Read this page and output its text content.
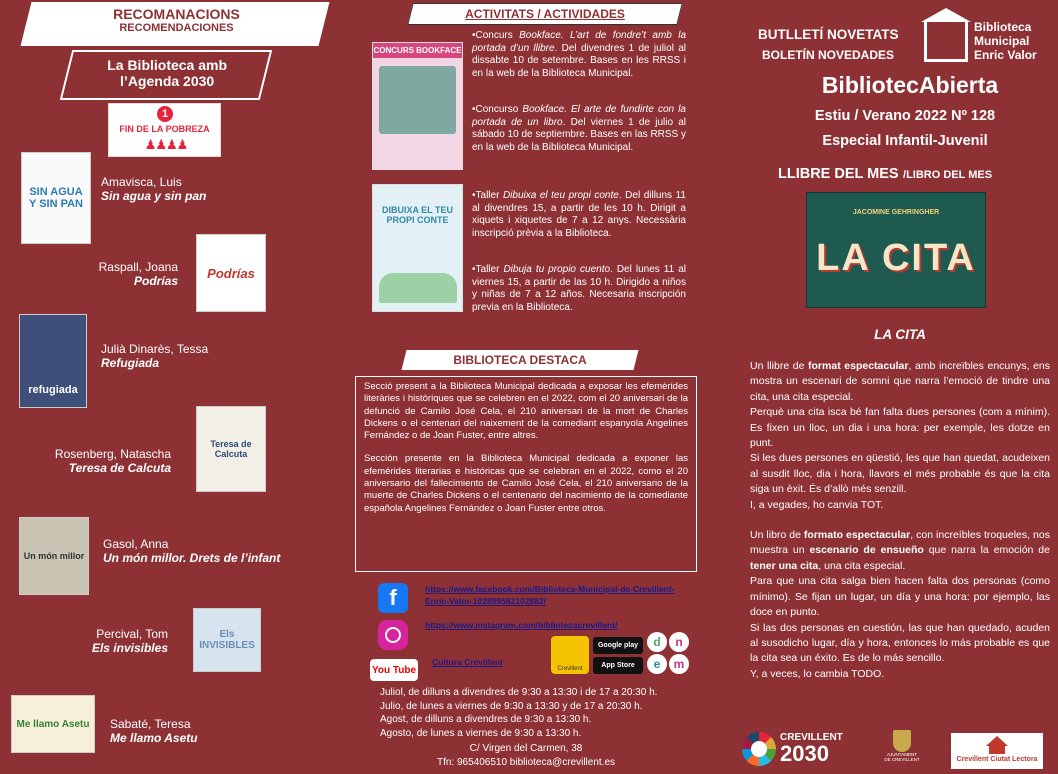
RECOMANACIONS
RECOMENDACIONES
La Biblioteca amb
l’Agenda 2030
1
FIN DE LA POBREZA
♟♟♟♟
SIN AGUA Y SIN PAN
Amavisca, Luis
Sin agua y sin pan
Podrías
Raspall, Joana
Podrías
refugiada
Julià Dinarès, Tessa
Refugiada
Teresa de Calcuta
Rosenberg, Natascha
Teresa de Calcuta
Un món millor
Gasol, Anna
Un món millor. Drets de l’infant
Els INVISIBLES
Percival, Tom
Els invisibles
Me llamo Asetu Sabaté, Teresa
Me llamo Asetu
ACTIVITATS / ACTIVIDADES
CONCURS BOOKFACE
•Concurs Bookface. L’art de fondre’t amb la portada d’un llibre. Del divendres 1 de juliol al dissabte 10 de setembre. Bases en les RRSS i en la web de la Biblioteca Municipal.
•Concurso Bookface. El arte de fundirte con la portada de un libro. Del viernes 1 de julio al sábado 10 de septiembre. Bases en las RRSS y en la web de la Biblioteca Municipal.
DIBUIXA EL TEU PROPI CONTE
•Taller Dibuixa el teu propi conte. Del dilluns 11 al divendres 15, a partir de les 10 h. Dirigit a xiquets i xiquetes de 7 a 12 anys. Necessària inscripció prèvia a la Biblioteca.
•Taller Dibuja tu propio cuento. Del lunes 11 al viernes 15, a partir de las 10 h. Dirigido a niños y niñas de 7 a 12 años. Necesaria inscripción previa en la Biblioteca.
BIBLIOTECA DESTACA
Secció present a la Biblioteca Municipal dedicada a exposar les efemèrides literàries i històriques que se celebren en el 2022, com el 20 aniversari de la defunció de Camilo José Cela, el 210 aniversari de la mort de Charles Dickens o el centenari del naixement de la comediant espanyola Angelines Fernández o de Joan Fuster, entre altres.
Sección presente en la Biblioteca Municipal dedicada a exponer las efemérides literarias e históricas que se celebran en el 2022, como el 20 aniversario del fallecimiento de Camilo José Cela, el 210 aniversario de la muerte de Charles Dickens o el centenario del nacimiento de la comediante española Angelines Fernández o Joan Fuster entre otros.
f	https://www.facebook.com/Biblioteca-Municipal-de-Crevillent-Enric-Valor-102899582102882/
https://www.instagram.com/bibliotecacrevillent/
You Tube
Cultura Crevillent
Crevillent
Google play
App Store
d	n
e	m
Juliol, de dilluns a divendres de 9:30 a 13:30 i de 17 a 20:30 h.
Julio, de lunes a viernes de 9:30 a 13:30 y de 17 a 20:30 h.
Agost, de dilluns a divendres de 9:30 a 13:30 h.
Agosto, de lunes a viernes de 9:30 a 13:30 h.
C/ Virgen del Carmen, 38
Tfn: 965406510 biblioteca@crevillent.es
BUTLLETÍ NOVETATS
BOLETÍN NOVEDADES
Biblioteca
Municipal
Enric Valor
BibliotecAbierta
Estiu / Verano 2022 Nº 128
Especial Infantil-Juvenil
LLIBRE DEL MES /LIBRO DEL MES
JACOMINE GEHRINGHER
LA CITA
LA CITA
Un llibre de format espectacular, amb increïbles encunys, ens mostra un escenari de somni que narra l’emoció de tindre una cita, una cita especial.
Perquè una cita isca bé fan falta dues persones (com a mínim). Es fixen un lloc, un dia i una hora: per exemple, les dotze en punt.
Si les dues persones en qüestió, les que han quedat, acudeixen al susdit lloc, dia i hora, llavors el més probable és que la cita siga un èxit. És d’allò més senzill.
I, a vegades, ho canvia TOT.
Un libro de formato espectacular, con increíbles troqueles, nos muestra un escenario de ensueño que narra la emoción de tener una cita, una cita especial.
Para que una cita salga bien hacen falta dos personas (como mínimo). Se fijan un lugar, un día y una hora: por ejemplo, las doce en punto.
Si las dos personas en cuestión, las que han quedado, acuden al susodicho lugar, día y hora, entonces lo más probable es que la cita sea un éxito. Es de lo más sencillo.
Y, a veces, lo cambia TODO.
CREVILLENT
2030	AJUNTAMENT DE CREVILLENT	Crevillent Ciutat Lectora
